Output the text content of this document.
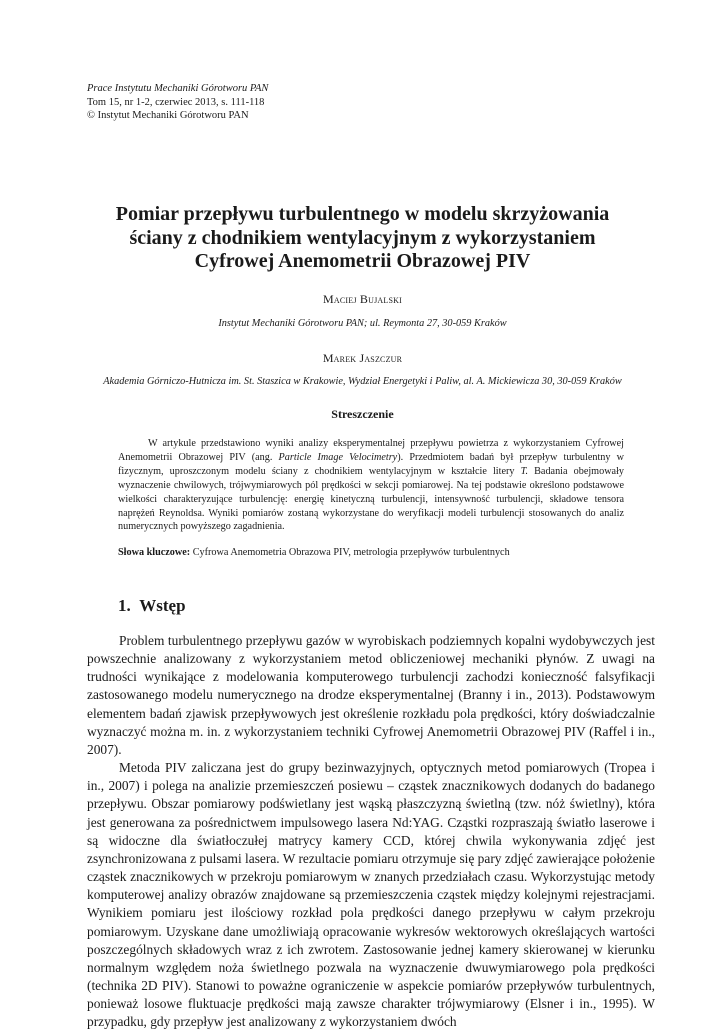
Prace Instytutu Mechaniki Górotworu PAN
Tom 15, nr 1-2, czerwiec 2013, s. 111-118
© Instytut Mechaniki Górotworu PAN
Pomiar przepływu turbulentnego w modelu skrzyżowania
ściany z chodnikiem wentylacyjnym z wykorzystaniem
Cyfrowej Anemometrii Obrazowej PIV
Maciej Bujalski
Instytut Mechaniki Górotworu PAN; ul. Reymonta 27, 30-059 Kraków
Marek Jaszczur
Akademia Górniczo-Hutnicza im. St. Staszica w Krakowie, Wydział Energetyki i Paliw, al. A. Mickiewicza 30, 30-059 Kraków
Streszczenie

W artykule przedstawiono wyniki analizy eksperymentalnej przepływu powietrza z wykorzystaniem Cyfrowej Anemometrii Obrazowej PIV (ang. Particle Image Velocimetry). Przedmiotem badań był przepływ turbulentny w fizycznym, uproszczonym modelu ściany z chodnikiem wentylacyjnym w kształcie litery T. Badania obejmowały wyznaczenie chwilowych, trójwymiarowych pól prędkości w sekcji pomiarowej. Na tej podstawie określono podstawowe wielkości charakteryzujące turbulencję: energię kinetyczną turbulencji, intensywność turbulencji, składowe tensora naprężeń Reynoldsa. Wyniki pomiarów zostaną wykorzystane do weryfikacji modeli turbulencji stosowanych do analiz numerycznych powyższego zagadnienia.

Słowa kluczowe: Cyfrowa Anemometria Obrazowa PIV, metrologia przepływów turbulentnych
1. Wstęp

Problem turbulentnego przepływu gazów w wyrobiskach podziemnych kopalni wydobywczych jest powszechnie analizowany z wykorzystaniem metod obliczeniowej mechaniki płynów. Z uwagi na trudności wynikające z modelowania komputerowego turbulencji zachodzi konieczność falsyfikacji zastosowanego modelu numerycznego na drodze eksperymentalnej (Branny i in., 2013). Podstawowym elementem badań zjawisk przepływowych jest określenie rozkładu pola prędkości, który doświadczalnie wyznaczyć można m. in. z wykorzystaniem techniki Cyfrowej Anemometrii Obrazowej PIV (Raffel i in., 2007).

Metoda PIV zaliczana jest do grupy bezinwazyjnych, optycznych metod pomiarowych (Tropea i in., 2007) i polega na analizie przemieszczeń posiewu – cząstek znacznikowych dodanych do badanego przepływu. Obszar pomiarowy podświetlany jest wąską płaszczyzną świetlną (tzw. nóż świetlny), która jest generowana za pośrednictwem impulsowego lasera Nd:YAG. Cząstki rozpraszają światło laserowe i są widoczne dla światłoczułej matrycy kamery CCD, której chwila wykonywania zdjęć jest zsynchronizowana z pulsami lasera. W rezultacie pomiaru otrzymuje się pary zdjęć zawierające położenie cząstek znacznikowych w przekroju pomiarowym w znanych przedziałach czasu. Wykorzystując metody komputerowej analizy obrazów znajdowane są przemieszczenia cząstek między kolejnymi rejestracjami. Wynikiem pomiaru jest ilościowy rozkład pola prędkości danego przepływu w całym przekroju pomiarowym. Uzyskane dane umożliwiają opracowanie wykresów wektorowych określających wartości poszczególnych składowych wraz z ich zwrotem. Zastosowanie jednej kamery skierowanej w kierunku normalnym względem noża świetlnego pozwala na wyznaczenie dwuwymiarowego pola prędkości (technika 2D PIV). Stanowi to poważne ograniczenie w aspekcie pomiarów przepływów turbulentnych, ponieważ losowe fluktuacje prędkości mają zawsze charakter trójwymiarowy (Elsner i in., 1995). W przypadku, gdy przepływ jest analizowany z wykorzystaniem dwóch
